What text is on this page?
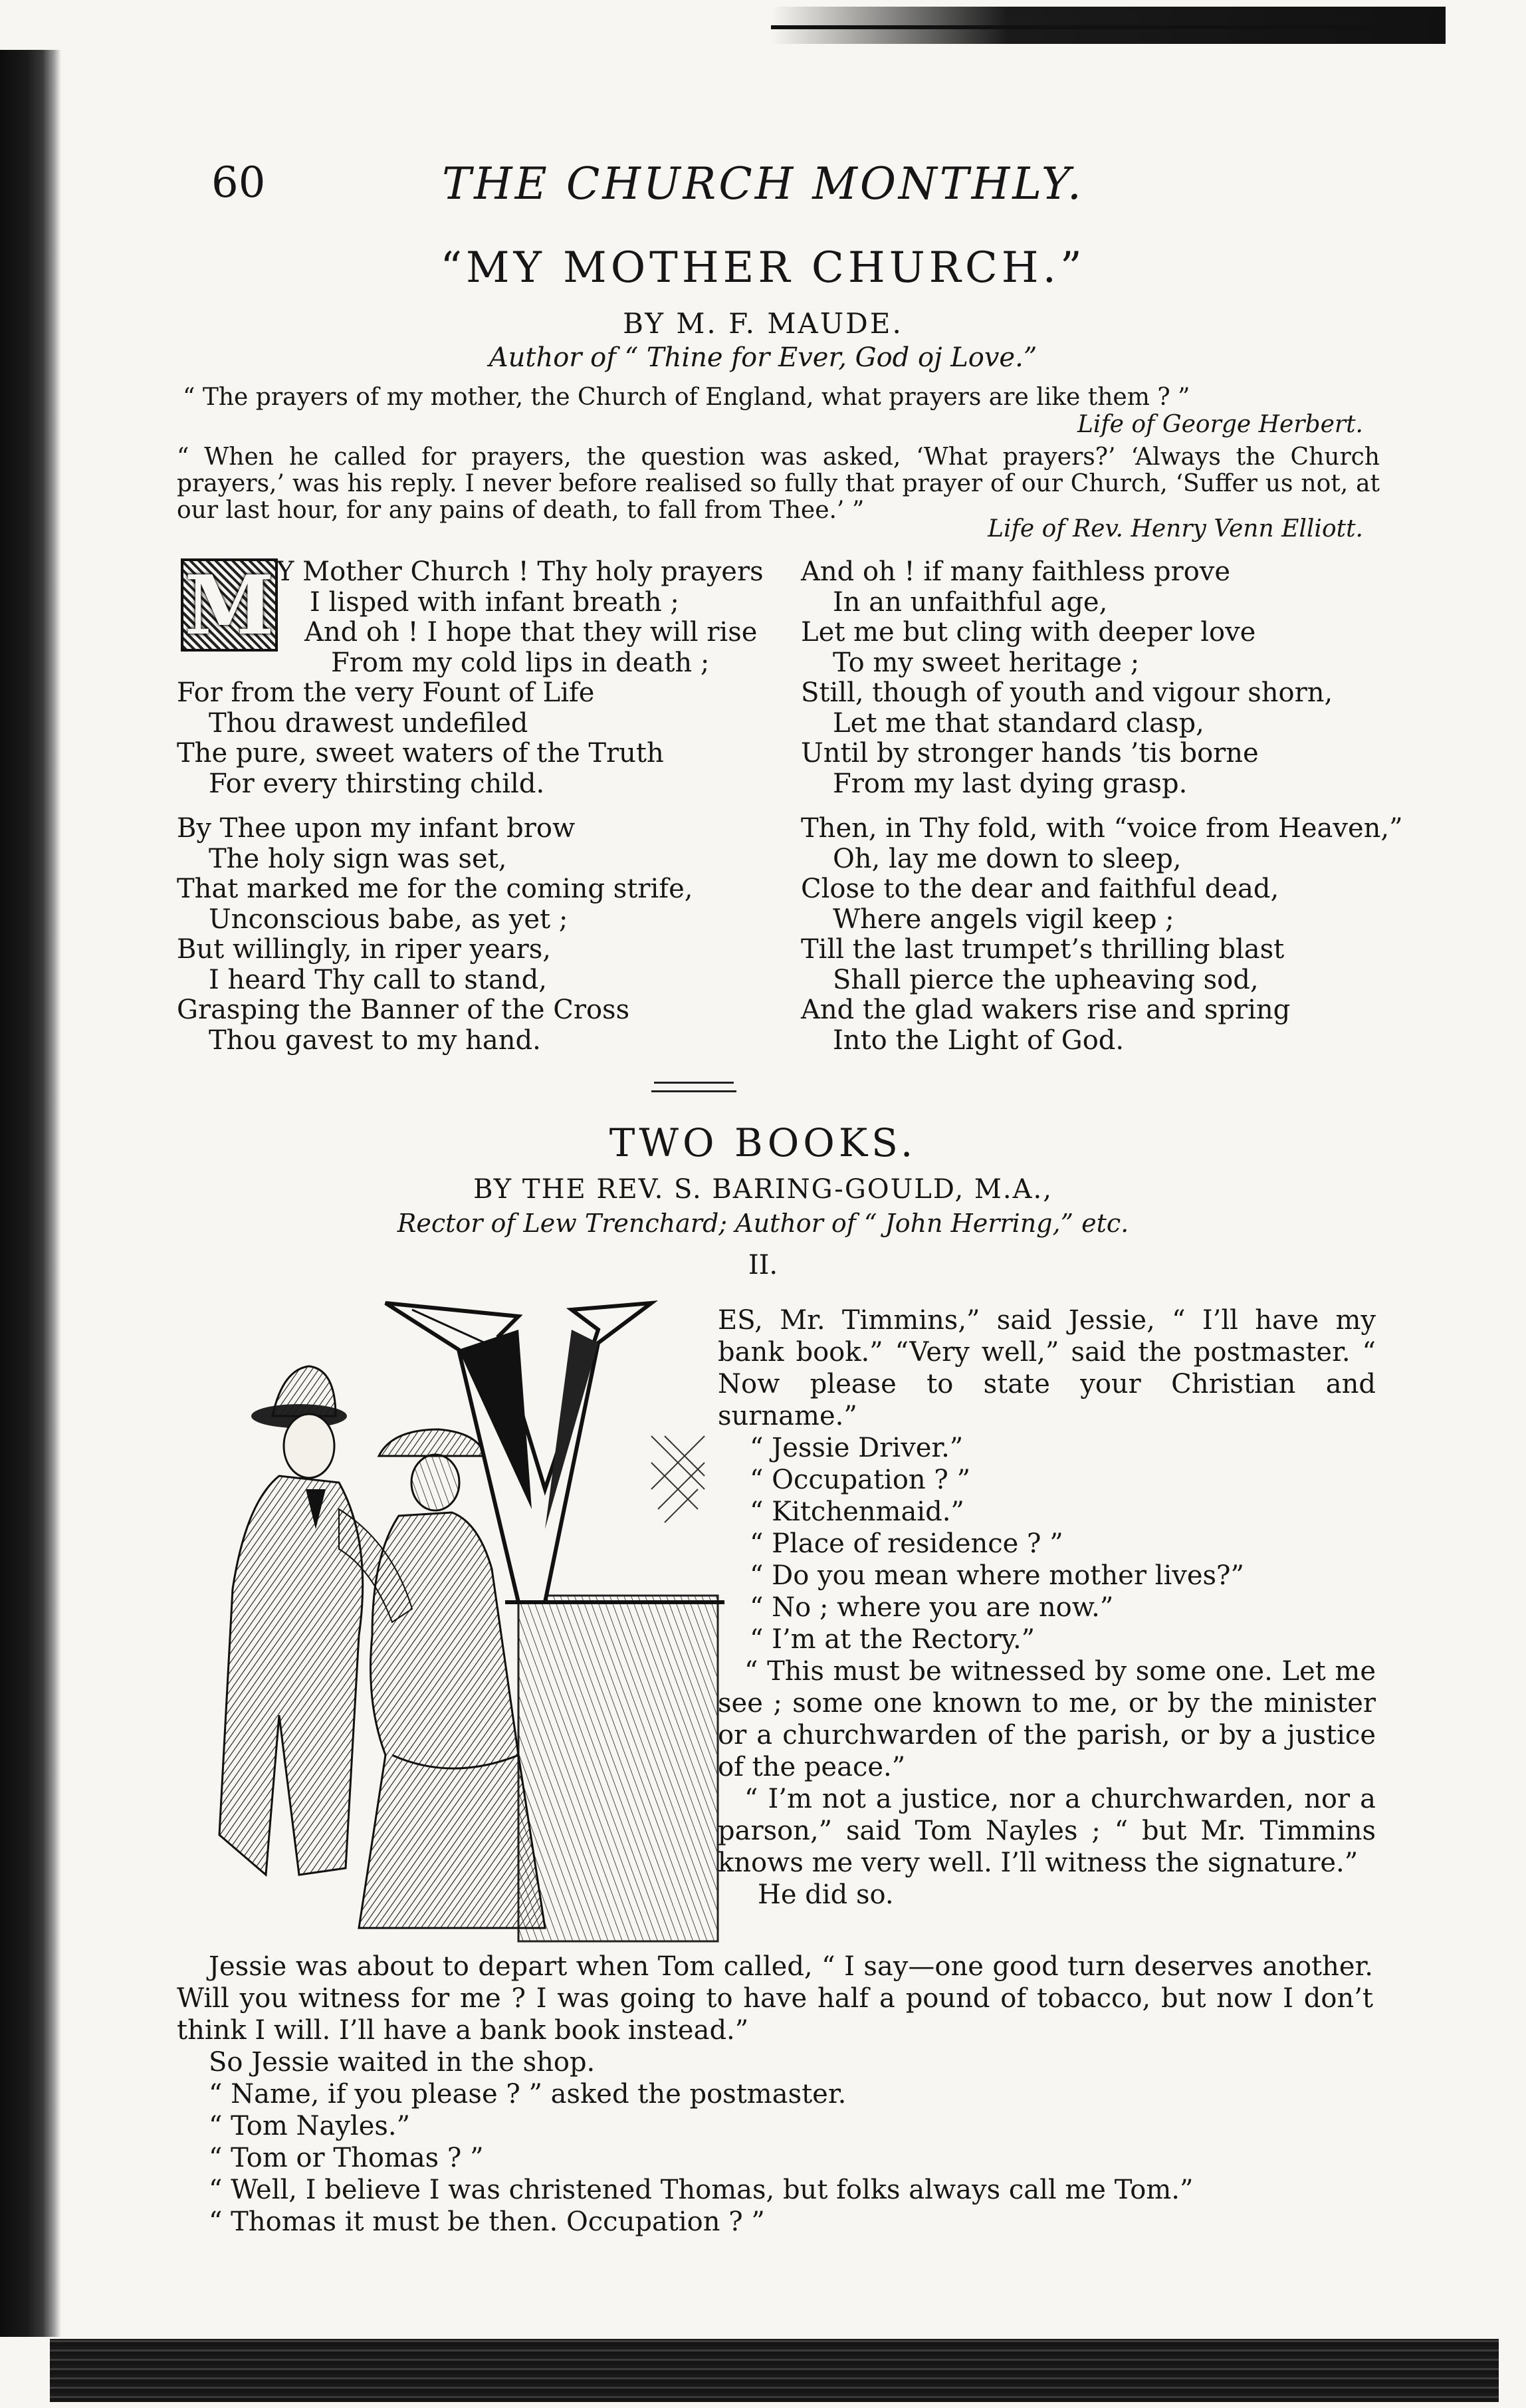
THE CHURCH MONTHLY.
60
“MY MOTHER CHURCH.”
BY M. F. MAUDE.
Author of “ Thine for Ever, God oj Love.”
“ The prayers of my mother, the Church of England, what prayers are like them ? ”
Life of George Herbert.
“ When he called for prayers, the question was asked, ‘What prayers?’ ‘Always the Church prayers,’ was his reply. I never before realised so fully that prayer of our Church, ‘Suffer us not, at our last hour, for any pains of death, to fall from Thee.’ ”
Life of Rev. Henry Venn Elliott.
M Y Mother Church ! Thy holy prayers
I lisped with infant breath ;
And oh ! I hope that they will rise
From my cold lips in death ;
For from the very Fount of Life
Thou drawest undefiled
The pure, sweet waters of the Truth
For every thirsting child.
By Thee upon my infant brow
The holy sign was set,
That marked me for the coming strife,
Unconscious babe, as yet ;
But willingly, in riper years,
I heard Thy call to stand,
Grasping the Banner of the Cross
Thou gavest to my hand.
And oh ! if many faithless prove
In an unfaithful age,
Let me but cling with deeper love
To my sweet heritage ;
Still, though of youth and vigour shorn,
Let me that standard clasp,
Until by stronger hands ’tis borne
From my last dying grasp.
Then, in Thy fold, with “voice from Heaven,”
Oh, lay me down to sleep,
Close to the dear and faithful dead,
Where angels vigil keep ;
Till the last trumpet’s thrilling blast
Shall pierce the upheaving sod,
And the glad wakers rise and spring
Into the Light of God.
TWO BOOKS.
BY THE REV. S. BARING-GOULD, M.A.,
Rector of Lew Trenchard; Author of “ John Herring,” etc.
II.

ES, Mr. Timmins,” said Jessie, “ I’ll have my bank book.” “Very well,” said the postmaster. “ Now please to state your Christian and surname.”

“ Jessie Driver.”

“ Occupation ? ”

“ Kitchenmaid.”

“ Place of residence ? ”

“ Do you mean where mother lives?”

“ No ; where you are now.”

“ I’m at the Rectory.”

“ This must be witnessed by some one. Let me see ; some one known to me, or by the minister or a churchwarden of the parish, or by a justice of the peace.”

“ I’m not a justice, nor a churchwarden, nor a parson,” said Tom Nayles ; “ but Mr. Timmins knows me very well. I’ll witness the signature.”

He did so.

Jessie was about to depart when Tom called, “ I say—one good turn deserves another. Will you witness for me ? I was going to have half a pound of tobacco, but now I don’t think I will. I’ll have a bank book instead.”

So Jessie waited in the shop.

“ Name, if you please ? ” asked the postmaster.

“ Tom Nayles.”

“ Tom or Thomas ? ”

“ Well, I believe I was christened Thomas, but folks always call me Tom.”

“ Thomas it must be then. Occupation ? ”
